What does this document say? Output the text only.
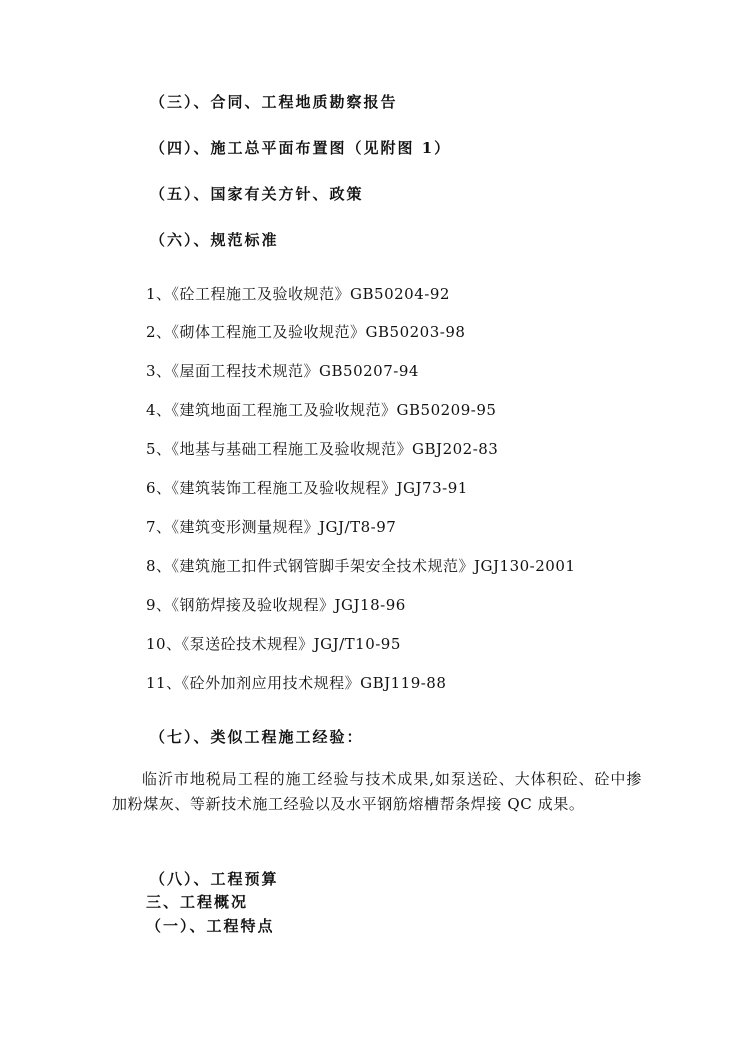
（三）、合同、工程地质勘察报告
（四）、施工总平面布置图（见附图 1）
（五）、国家有关方针、政策
（六）、规范标准
1、《砼工程施工及验收规范》GB50204-92
2、《砌体工程施工及验收规范》GB50203-98
3、《屋面工程技术规范》GB50207-94
4、《建筑地面工程施工及验收规范》GB50209-95
5、《地基与基础工程施工及验收规范》GBJ202-83
6、《建筑装饰工程施工及验收规程》JGJ73-91
7、《建筑变形测量规程》JGJ/T8-97
8、《建筑施工扣件式钢管脚手架安全技术规范》JGJ130-2001
9、《钢筋焊接及验收规程》JGJ18-96
10、《泵送砼技术规程》JGJ/T10-95
11、《砼外加剂应用技术规程》GBJ119-88
（七）、类似工程施工经验：
临沂市地税局工程的施工经验与技术成果,如泵送砼、大体积砼、砼中掺加粉煤灰、等新技术施工经验以及水平钢筋熔槽帮条焊接 QC 成果。
（八）、工程预算
三、工程概况
（一）、工程特点
